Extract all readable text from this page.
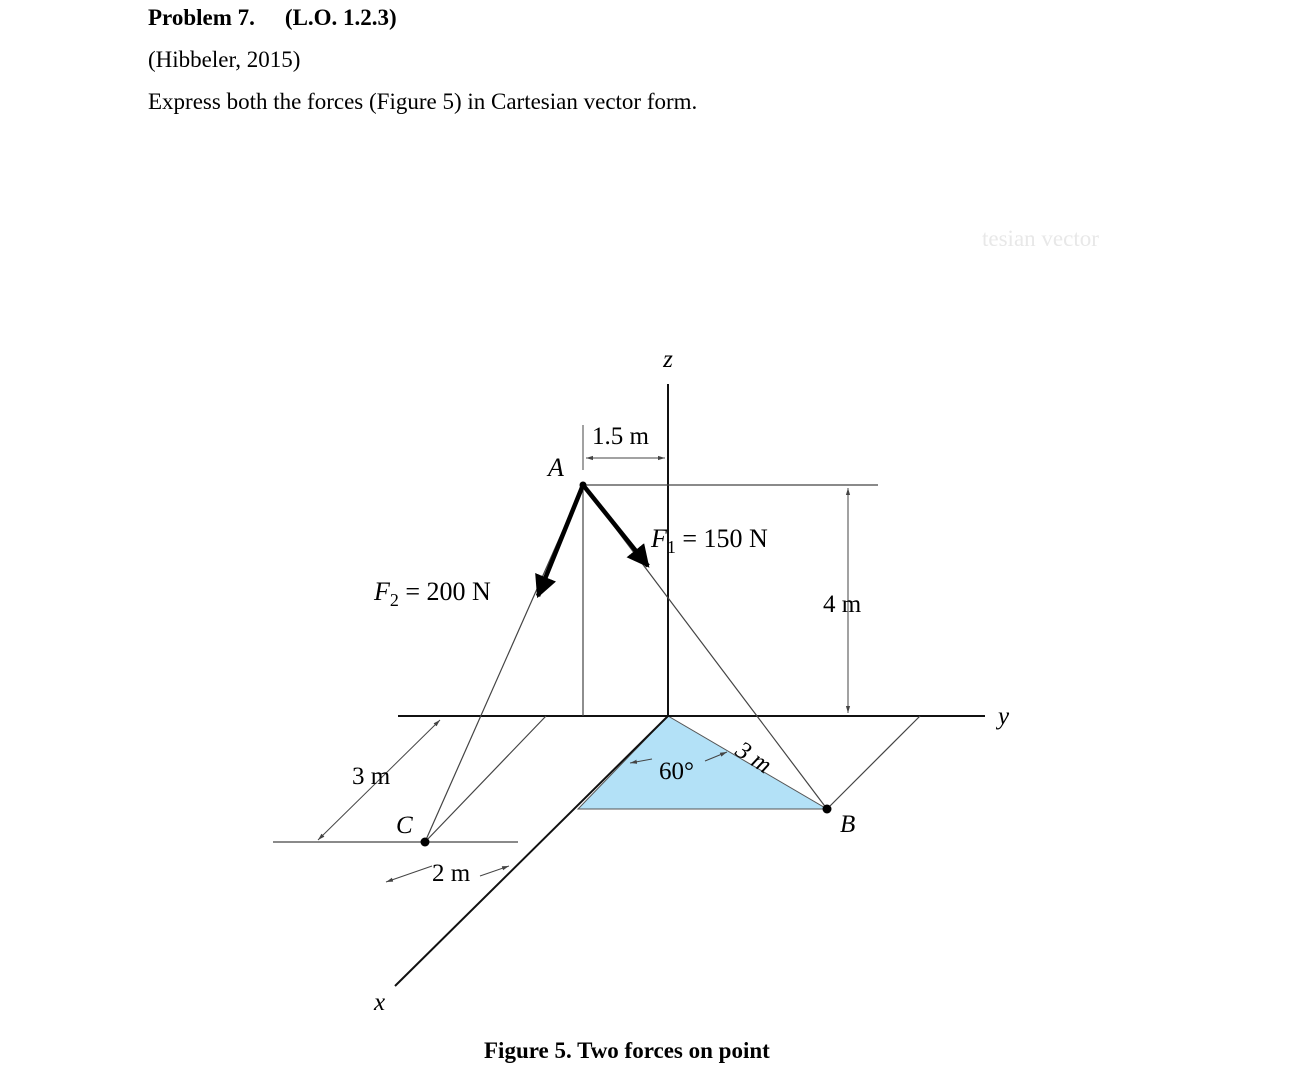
Problem 7. (L.O. 1.2.3)
(Hibbeler, 2015)
Express both the forces (Figure 5) in Cartesian vector form.
tesian vector
z
y
x
A
B
C
1.5 m
4 m
3 m
2 m
3 m
60°
$F_1 = 150$ N
$F_2 = 200$ N
Figure 5. Two forces on point
